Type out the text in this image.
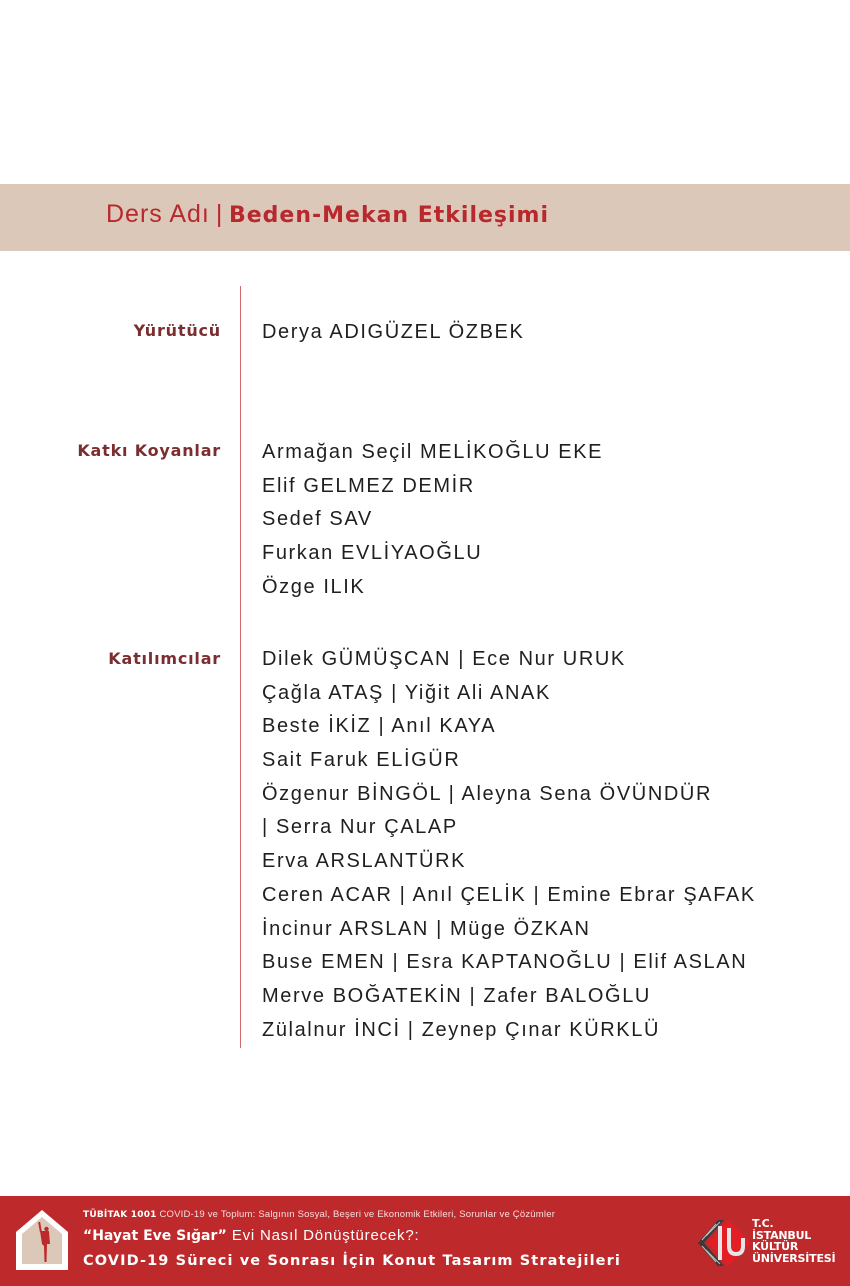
Ders Adı | Beden-Mekan Etkileşimi
Yürütücü Derya ADIGÜZEL ÖZBEK
Katkı Koyanlar Armağan Seçil MELİKOĞLU EKE
Elif GELMEZ DEMİR
Sedef SAV
Furkan EVLİYAOĞLU
Özge ILIK
Katılımcılar Dilek GÜMÜŞCAN | Ece Nur URUK
Çağla ATAŞ | Yiğit Ali ANAK
Beste İKİZ | Anıl KAYA
Sait Faruk ELİGÜR
Özgenur BİNGÖL | Aleyna Sena ÖVÜNDÜR
| Serra Nur ÇALAP
Erva ARSLANTÜRK
Ceren ACAR | Anıl ÇELİK | Emine Ebrar ŞAFAK
İncinur ARSLAN | Müge ÖZKAN
Buse EMEN | Esra KAPTANOĞLU | Elif ASLAN
Merve BOĞATEKİN | Zafer BALOĞLU
Zülalnur İNCİ | Zeynep Çınar KÜRKLÜ
TÜBİTAK 1001 COVID-19 ve Toplum: Salgının Sosyal, Beşeri ve Ekonomik Etkileri, Sorunlar ve Çözümler
“Hayat Eve Sığar” Evi Nasıl Dönüştürecek?:
COVID-19 Süreci ve Sonrası İçin Konut Tasarım Stratejileri
T.C.
İSTANBUL
KÜLTÜR
ÜNİVERSİTESİ
